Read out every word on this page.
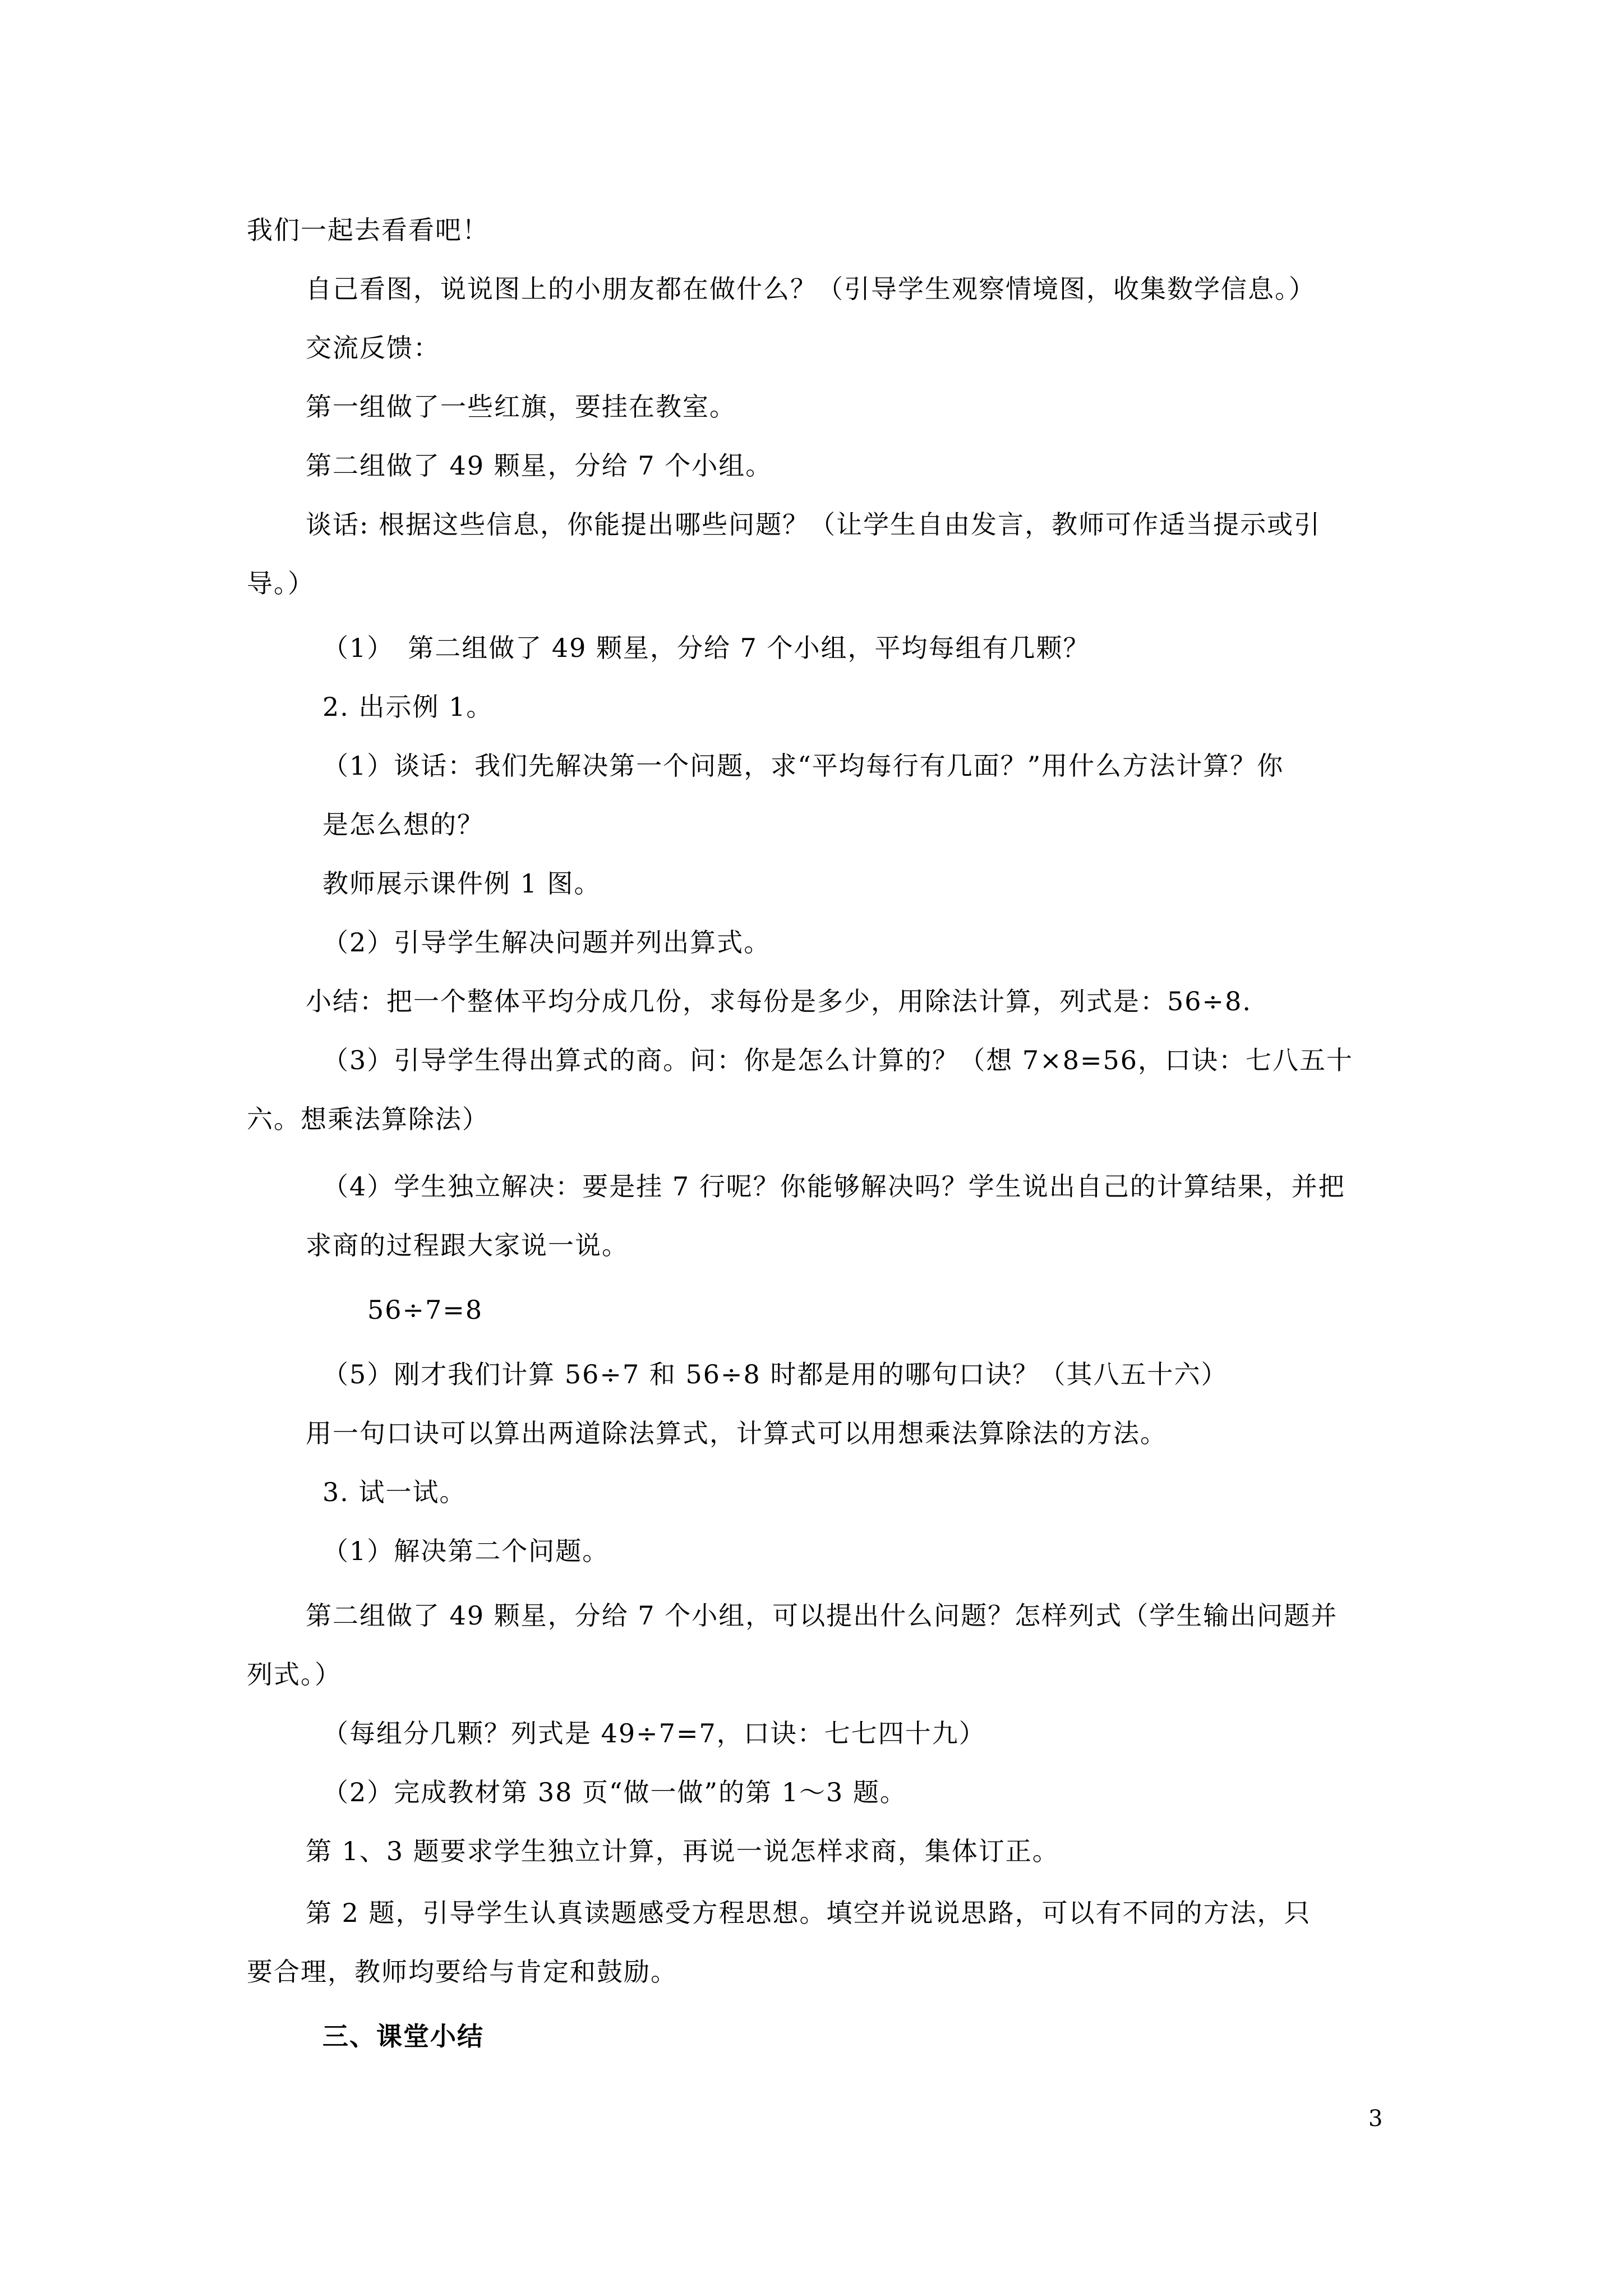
我们一起去看看吧！
自己看图，说说图上的小朋友都在做什么？（引导学生观察情境图，收集数学信息。）
交流反馈：
第一组做了一些红旗，要挂在教室。
第二组做了 49 颗星，分给 7 个小组。
谈话: 根据这些信息，你能提出哪些问题？（让学生自由发言，教师可作适当提示或引
导。）
（1）　第二组做了 49 颗星，分给 7 个小组，平均每组有几颗？
2. 出示例 1。
（1）谈话：我们先解决第一个问题，求“平均每行有几面？”用什么方法计算？你
是怎么想的？
教师展示课件例 1 图。
（2）引导学生解决问题并列出算式。
小结：把一个整体平均分成几份，求每份是多少，用除法计算，列式是：56÷8.
（3）引导学生得出算式的商。问：你是怎么计算的？（想 7×8=56，口诀：七八五十
六。想乘法算除法）
（4）学生独立解决：要是挂 7 行呢？你能够解决吗？学生说出自己的计算结果，并把
求商的过程跟大家说一说。
56÷7=8
（5）刚才我们计算 56÷7 和 56÷8 时都是用的哪句口诀？（其八五十六）
用一句口诀可以算出两道除法算式，计算式可以用想乘法算除法的方法。
3. 试一试。
（1）解决第二个问题。
第二组做了 49 颗星，分给 7 个小组，可以提出什么问题？怎样列式（学生输出问题并
列式。）
（每组分几颗？列式是 49÷7=7，口诀：七七四十九）
（2）完成教材第 38 页“做一做”的第 1～3 题。
第 1、3 题要求学生独立计算，再说一说怎样求商，集体订正。
第 2 题，引导学生认真读题感受方程思想。填空并说说思路，可以有不同的方法，只
要合理，教师均要给与肯定和鼓励。
三、课堂小结
3
